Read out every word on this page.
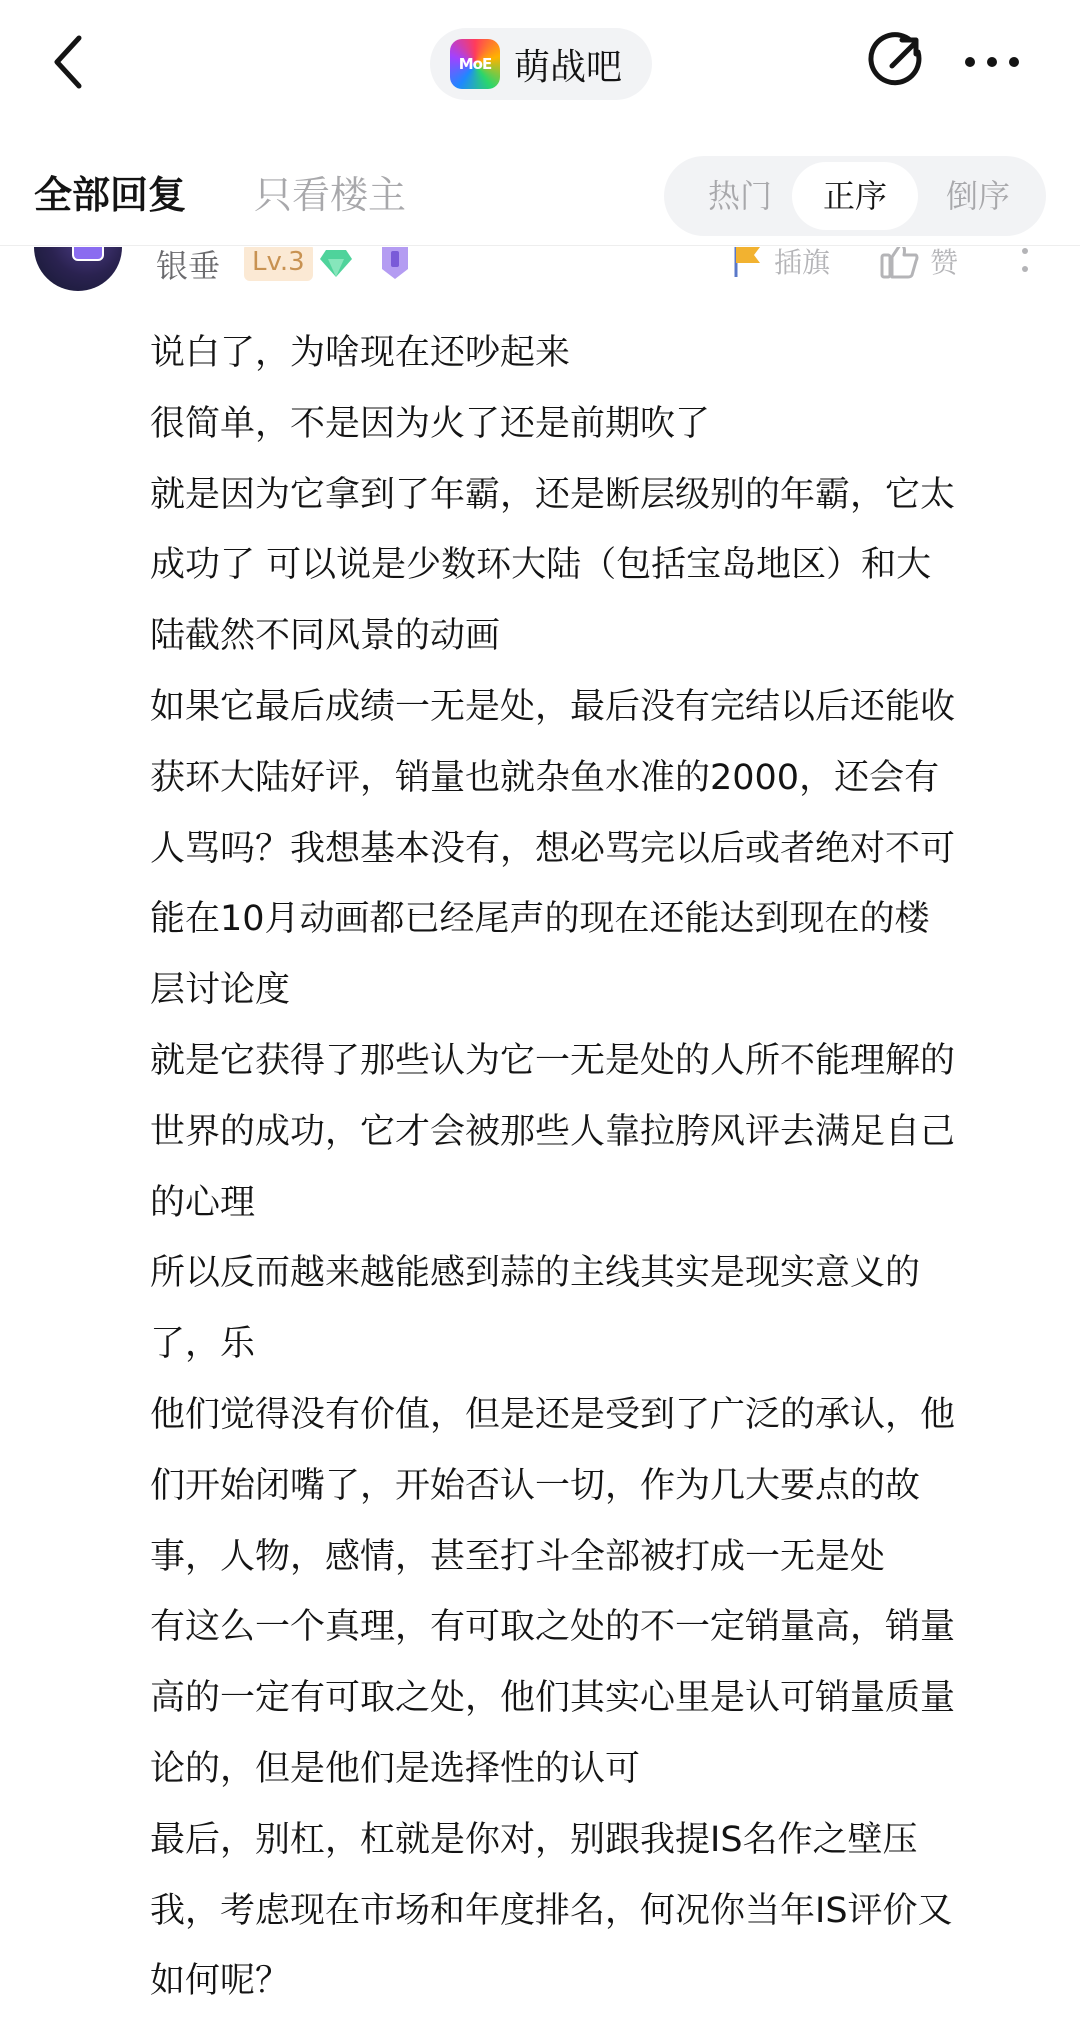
MoE 萌战吧
全部回复 只看楼主	热门	正序	倒序
银垂	Lv.3	插旗	赞
说白了，为啥现在还吵起来
很简单，不是因为火了还是前期吹了
就是因为它拿到了年霸，还是断层级别的年霸，它太
成功了 可以说是少数环大陆（包括宝岛地区）和大
陆截然不同风景的动画
如果它最后成绩一无是处，最后没有完结以后还能收
获环大陆好评，销量也就杂鱼水准的2000，还会有
人骂吗？我想基本没有，想必骂完以后或者绝对不可
能在10月动画都已经尾声的现在还能达到现在的楼
层讨论度
就是它获得了那些认为它一无是处的人所不能理解的
世界的成功，它才会被那些人靠拉胯风评去满足自己
的心理
所以反而越来越能感到蒜的主线其实是现实意义的
了，乐
他们觉得没有价值，但是还是受到了广泛的承认，他
们开始闭嘴了，开始否认一切，作为几大要点的故
事，人物，感情，甚至打斗全部被打成一无是处
有这么一个真理，有可取之处的不一定销量高，销量
高的一定有可取之处，他们其实心里是认可销量质量
论的，但是他们是选择性的认可
最后，别杠，杠就是你对，别跟我提IS名作之壁压
我，考虑现在市场和年度排名，何况你当年IS评价又
如何呢？
